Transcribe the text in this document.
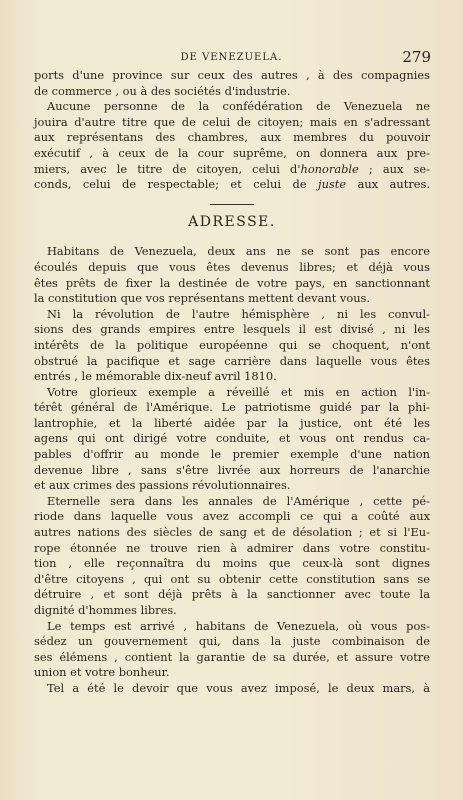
DE VENEZUELA.	279

ports d'une province sur ceux des autres , à des compagnies
de commerce , ou à des sociétés d'industrie.

Aucune personne de la confédération de Venezuela ne
jouira d'autre titre que de celui de citoyen; mais en s'adressant
aux représentans des chambres, aux membres du pouvoir
exécutif , à ceux de la cour suprême, on donnera aux pre-
miers, avec le titre de citoyen, celui d'honorable ; aux se-
conds, celui de respectable; et celui de juste aux autres.

ADRESSE.

Habitans de Venezuela, deux ans ne se sont pas encore
écoulés depuis que vous êtes devenus libres; et déjà vous
êtes prêts de fixer la destinée de votre pays, en sanctionnant
la constitution que vos représentans mettent devant vous.

Ni la révolution de l'autre hémisphère , ni les convul-
sions des grands empires entre lesquels il est divisé , ni les
intérêts de la politique européenne qui se choquent, n'ont
obstrué la pacifique et sage carrière dans laquelle vous êtes
entrés , le mémorable dix-neuf avril 1810.

Votre glorieux exemple a réveillé et mis en action l'in-
térêt général de l'Amérique. Le patriotisme guidé par la phi-
lantrophie, et la liberté aidée par la justice, ont été les
agens qui ont dirigé votre conduite, et vous ont rendus ca-
pables d'offrir au monde le premier exemple d'une nation
devenue libre , sans s'être livrée aux horreurs de l'anarchie
et aux crimes des passions révolutionnaires.

Eternelle sera dans les annales de l'Amérique , cette pé-
riode dans laquelle vous avez accompli ce qui a coûté aux
autres nations des siècles de sang et de désolation ; et si l'Eu-
rope étonnée ne trouve rien à admirer dans votre constitu-
tion , elle reçonnaîtra du moins que ceux-là sont dignes
d'être citoyens , qui ont su obtenir cette constitution sans se
détruire , et sont déjà prêts à la sanctionner avec toute la
dignité d'hommes libres.

Le temps est arrivé , habitans de Venezuela, où vous pos-
sédez un gouvernement qui, dans la juste combinaison de
ses élémens , contient la garantie de sa durée, et assure votre
union et votre bonheur.

Tel a été le devoir que vous avez imposé, le deux mars, à
